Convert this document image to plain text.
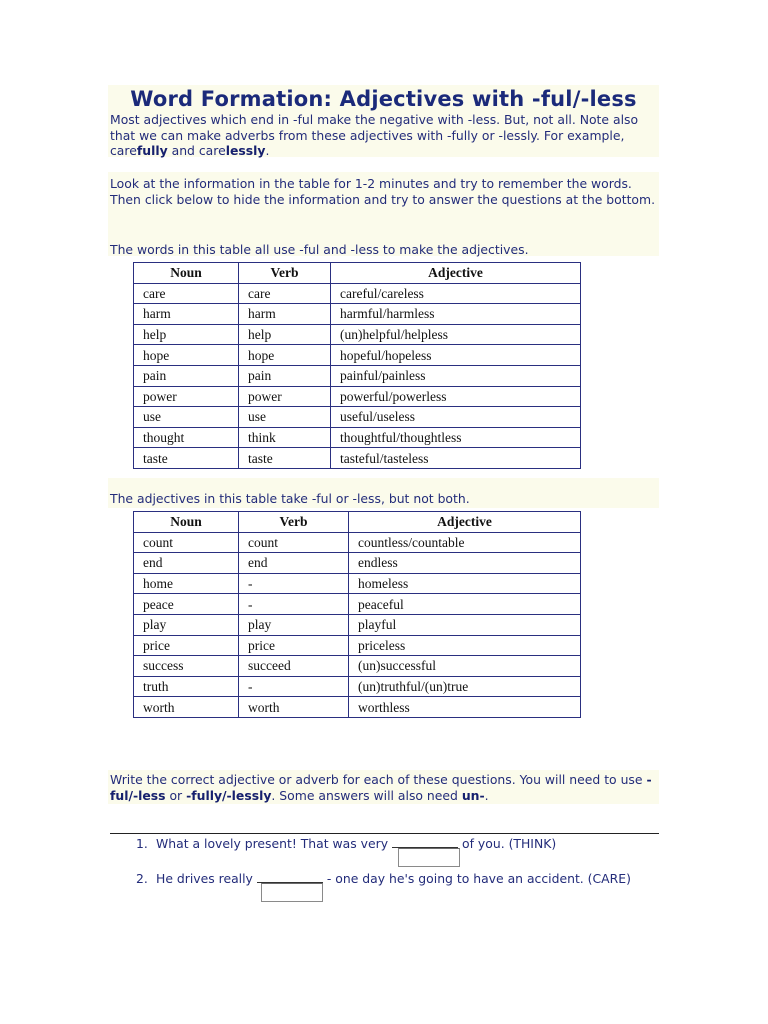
Word Formation: Adjectives with -ful/-less
Most adjectives which end in -ful make the negative with -less. But, not all. Note also that we can make adverbs from these adjectives with -fully or -lessly. For example, carefully and carelessly.
Look at the information in the table for 1-2 minutes and try to remember the words. Then click below to hide the information and try to answer the questions at the bottom.
The words in this table all use -ful and -less to make the adjectives.
Noun	Verb	Adjective
care	care	careful/careless
harm	harm	harmful/harmless
help	help	(un)helpful/helpless
hope	hope	hopeful/hopeless
pain	pain	painful/painless
power	power	powerful/powerless
use	use	useful/useless
thought	think	thoughtful/thoughtless
taste	taste	tasteful/tasteless
The adjectives in this table take -ful or -less, but not both.
Noun	Verb	Adjective
count	count	countless/countable
end	end	endless
home	-	homeless
peace	-	peaceful
play	play	playful
price	price	priceless
success	succeed	(un)successful
truth	-	(un)truthful/(un)true
worth	worth	worthless
Write the correct adjective or adverb for each of these questions. You will need to use -ful/-less or -fully/-lessly. Some answers will also need un-.
1. What a lovely present! That was very	of you. (THINK)
2. He drives really	- one day he's going to have an accident. (CARE)
